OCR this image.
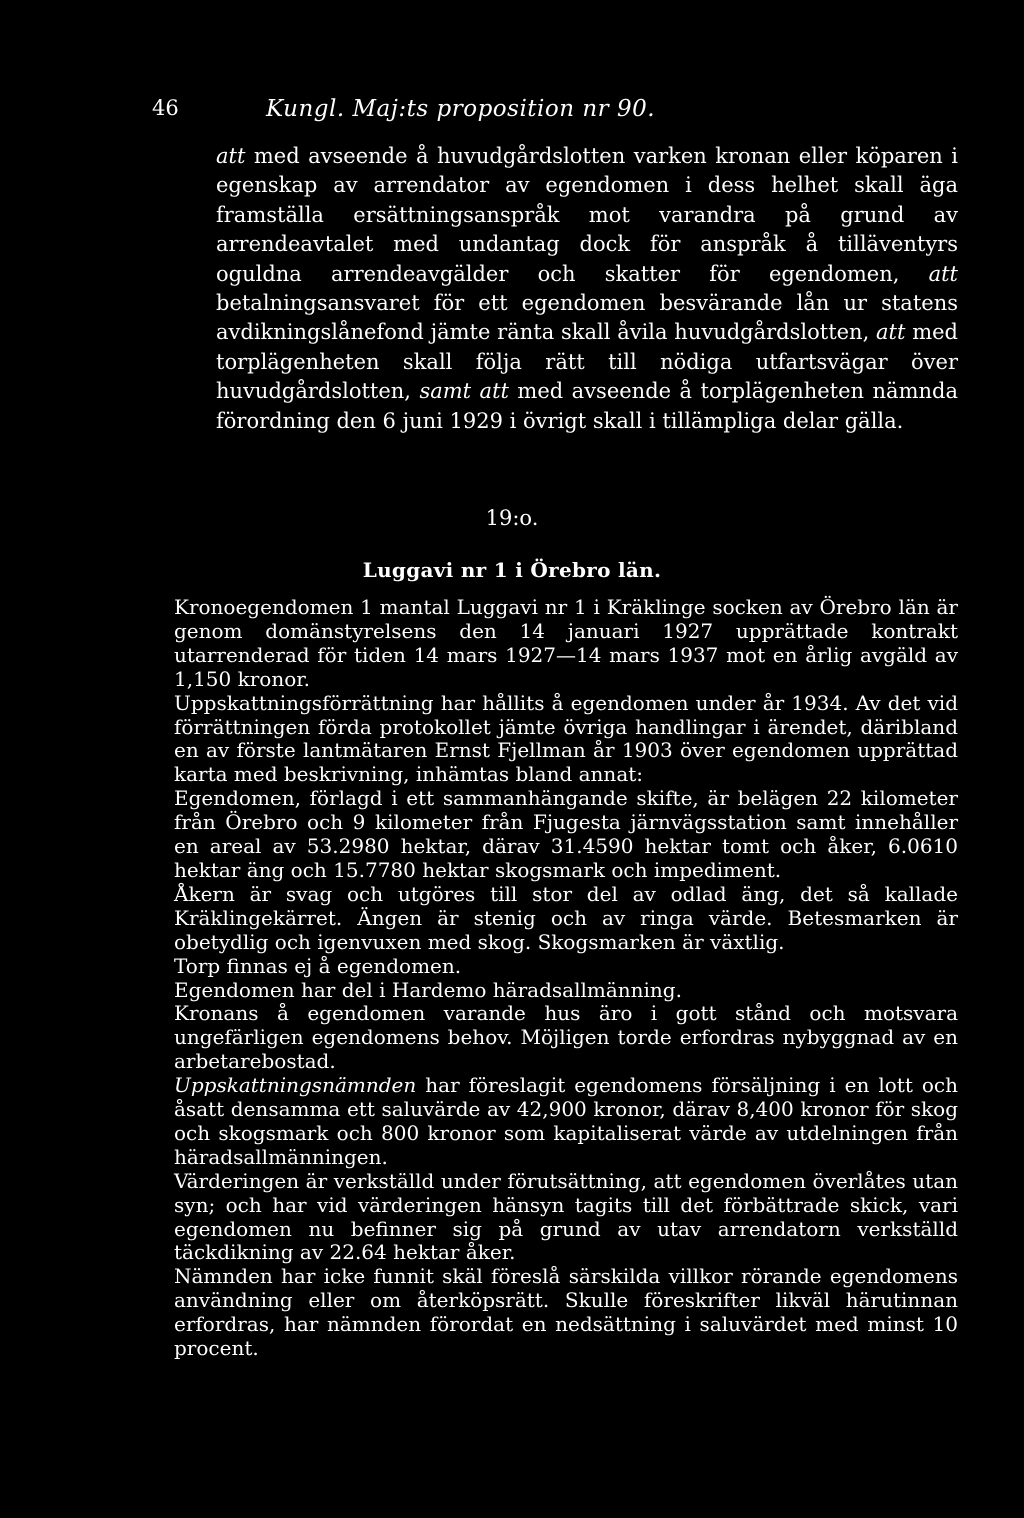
46	Kungl. Maj:ts proposition nr 90.

att med avseende å huvudgårdslotten varken kronan eller köparen i egenskap av arrendator av egendomen i dess helhet skall äga framställa ersättningsanspråk mot varandra på grund av arrendeavtalet med undantag dock för anspråk å tilläventyrs oguldna arrendeavgälder och skatter för egendomen, att betalningsansvaret för ett egendomen besvärande lån ur statens avdikningslånefond jämte ränta skall åvila huvudgårdslotten, att med torplägenheten skall följa rätt till nödiga utfartsvägar över huvudgårdslotten, samt att med avseende å torplägenheten nämnda förordning den 6 juni 1929 i övrigt skall i tillämpliga delar gälla.

19:o.
Luggavi nr 1 i Örebro län.

Kronoegendomen 1 mantal Luggavi nr 1 i Kräklinge socken av Örebro län är genom domänstyrelsens den 14 januari 1927 upprättade kontrakt utarrenderad för tiden 14 mars 1927—14 mars 1937 mot en årlig avgäld av 1,150 kronor.

Uppskattningsförrättning har hållits å egendomen under år 1934. Av det vid förrättningen förda protokollet jämte övriga handlingar i ärendet, däribland en av förste lantmätaren Ernst Fjellman år 1903 över egendomen upprättad karta med beskrivning, inhämtas bland annat:

Egendomen, förlagd i ett sammanhängande skifte, är belägen 22 kilometer från Örebro och 9 kilometer från Fjugesta järnvägsstation samt innehåller en areal av 53.2980 hektar, därav 31.4590 hektar tomt och åker, 6.0610 hektar äng och 15.7780 hektar skogsmark och impediment.

Åkern är svag och utgöres till stor del av odlad äng, det så kallade Kräklingekärret. Ängen är stenig och av ringa värde. Betesmarken är obetydlig och igenvuxen med skog. Skogsmarken är växtlig.

Torp finnas ej å egendomen.

Egendomen har del i Hardemo häradsallmänning.

Kronans å egendomen varande hus äro i gott stånd och motsvara ungefärligen egendomens behov. Möjligen torde erfordras nybyggnad av en arbetarebostad.

Uppskattningsnämnden har föreslagit egendomens försäljning i en lott och åsatt densamma ett saluvärde av 42,900 kronor, därav 8,400 kronor för skog och skogsmark och 800 kronor som kapitaliserat värde av utdelningen från häradsallmänningen.

Värderingen är verkställd under förutsättning, att egendomen överlåtes utan syn; och har vid värderingen hänsyn tagits till det förbättrade skick, vari egendomen nu befinner sig på grund av utav arrendatorn verkställd täckdikning av 22.64 hektar åker.

Nämnden har icke funnit skäl föreslå särskilda villkor rörande egendomens användning eller om återköpsrätt. Skulle föreskrifter likväl härutinnan erfordras, har nämnden förordat en nedsättning i saluvärdet med minst 10 procent.
